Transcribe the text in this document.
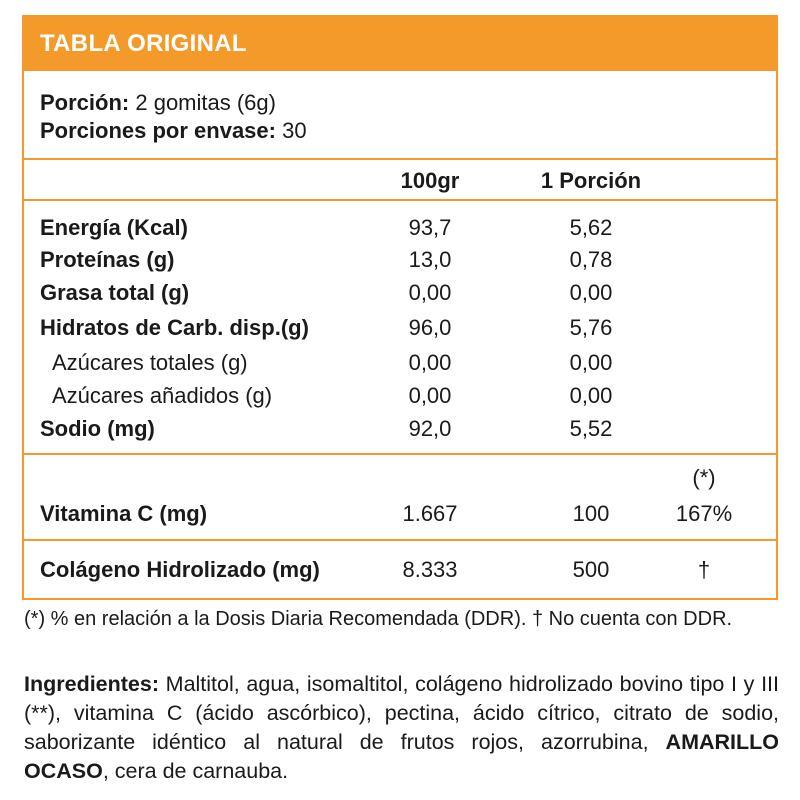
TABLA ORIGINAL
Porción: 2 gomitas (6g)
Porciones por envase: 30
100gr	1 Porción
Energía (Kcal)	93,7	5,62
Proteínas (g)	13,0	0,78
Grasa total (g)	0,00	0,00
Hidratos de Carb. disp.(g)	96,0	5,76
Azúcares totales (g)	0,00	0,00
Azúcares añadidos (g)	0,00	0,00
Sodio (mg)	92,0	5,52
(*)
Vitamina C (mg)	1.667	100	167%
Colágeno Hidrolizado (mg)	8.333	500	†
(*) % en relación a la Dosis Diaria Recomendada (DDR). † No cuenta con DDR.
Ingredientes: Maltitol, agua, isomaltitol, colágeno hidrolizado bovino tipo I y III (**), vitamina C (ácido ascórbico), pectina, ácido cítrico, citrato de sodio, saborizante idéntico al natural de frutos rojos, azorrubina, AMARILLO OCASO, cera de carnauba.
